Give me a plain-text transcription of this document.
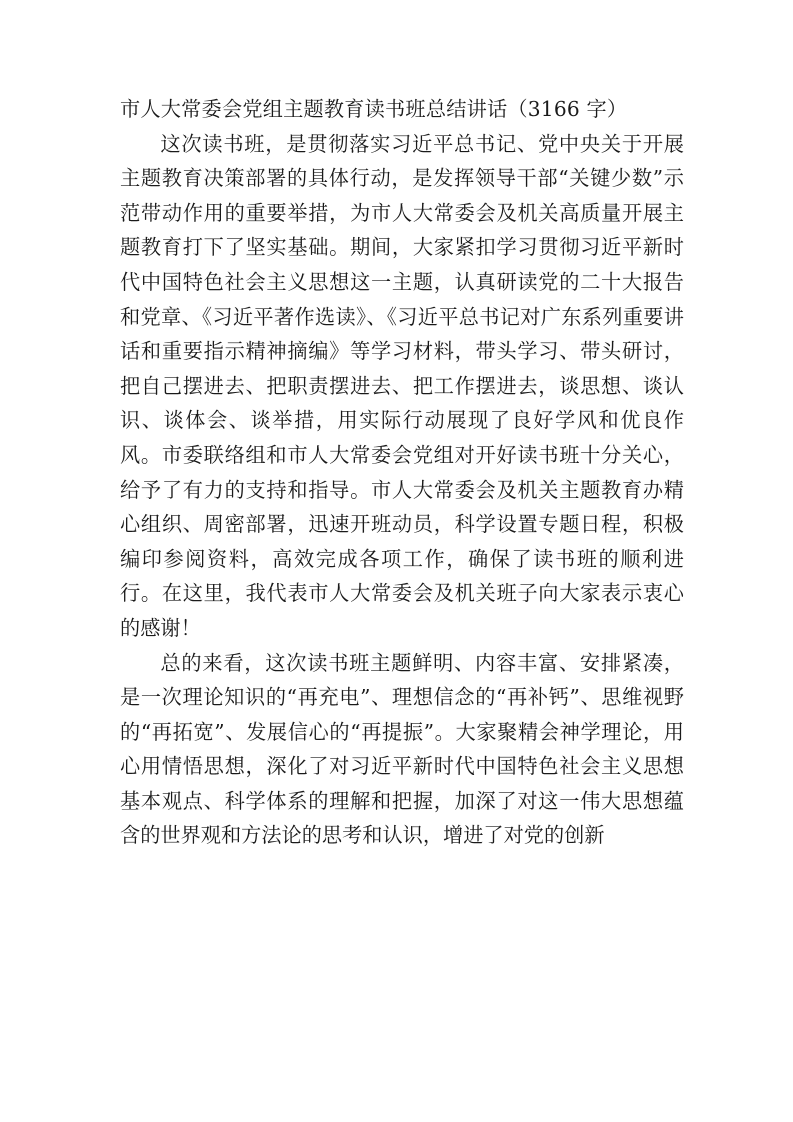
市人大常委会党组主题教育读书班总结讲话（3166 字）

这次读书班，是贯彻落实习近平总书记、党中央关于开展主题教育决策部署的具体行动，是发挥领导干部“关键少数”示范带动作用的重要举措，为市人大常委会及机关高质量开展主题教育打下了坚实基础。期间，大家紧扣学习贯彻习近平新时代中国特色社会主义思想这一主题，认真研读党的二十大报告和党章、《习近平著作选读》、《习近平总书记对广东系列重要讲话和重要指示精神摘编》等学习材料，带头学习、带头研讨，把自己摆进去、把职责摆进去、把工作摆进去，谈思想、谈认识、谈体会、谈举措，用实际行动展现了良好学风和优良作风。市委联络组和市人大常委会党组对开好读书班十分关心，给予了有力的支持和指导。市人大常委会及机关主题教育办精心组织、周密部署，迅速开班动员，科学设置专题日程，积极编印参阅资料，高效完成各项工作，确保了读书班的顺利进行。在这里，我代表市人大常委会及机关班子向大家表示衷心的感谢！

总的来看，这次读书班主题鲜明、内容丰富、安排紧凑，是一次理论知识的“再充电”、理想信念的“再补钙”、思维视野的“再拓宽”、发展信心的“再提振”。大家聚精会神学理论，用心用情悟思想，深化了对习近平新时代中国特色社会主义思想基本观点、科学体系的理解和把握，加深了对这一伟大思想蕴含的世界观和方法论的思考和认识，增进了对党的创新
